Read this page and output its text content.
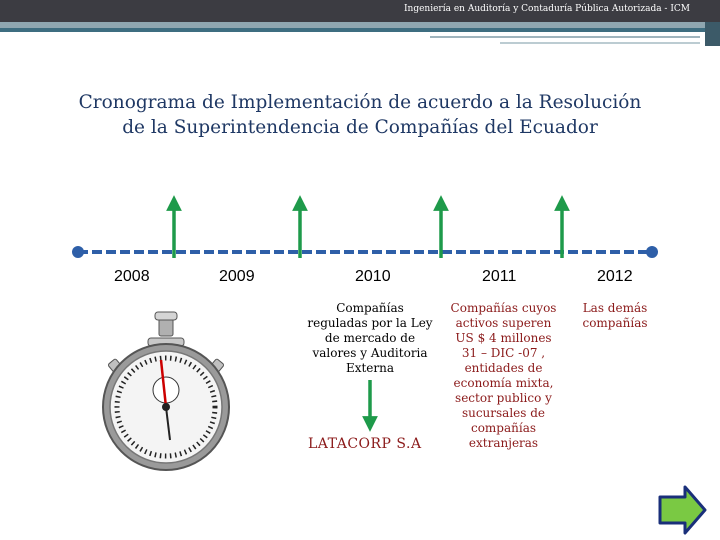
Ingeniería en Auditoría y Contaduría Pública Autorizada - ICM
Cronograma de Implementación de acuerdo a la Resolución
de la Superintendencia de Compañías del Ecuador
2008	2009	2010	2011	2012
Compañías
reguladas por la Ley
de mercado de
valores y Auditoria
Externa
Compañías cuyos
activos superen
US $ 4 millones
31 – DIC -07 ,
entidades de
economía mixta,
sector publico y
sucursales de
compañías
extranjeras
Las demás
compañías
LATACORP S.A
